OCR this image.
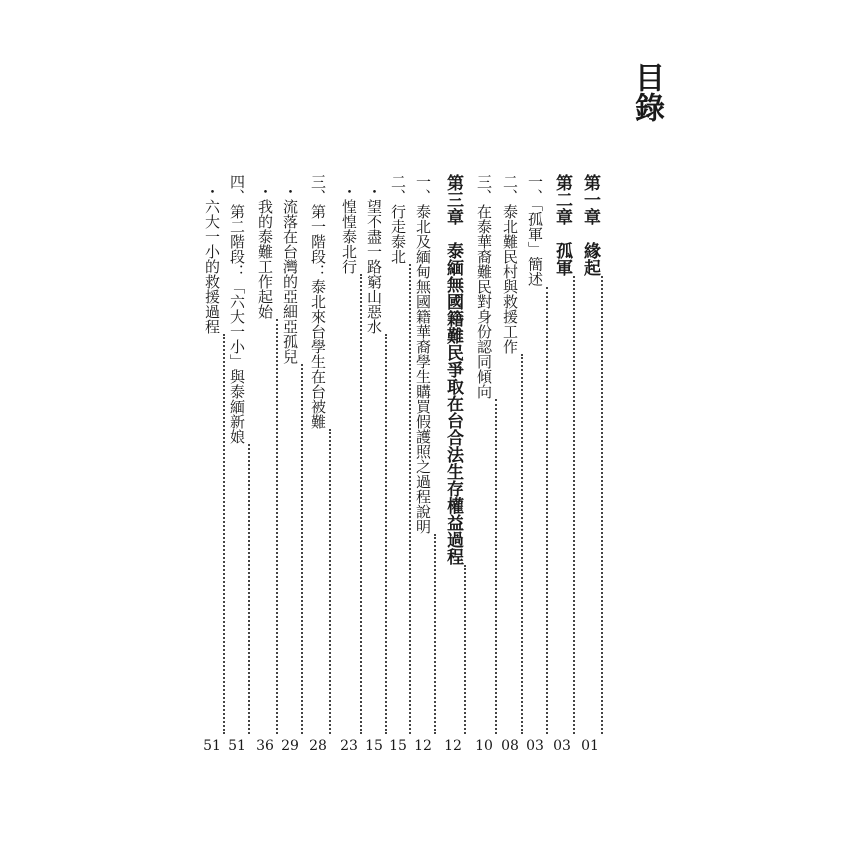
目錄
第一章　緣起
01
第二章　孤軍
03
一、「孤軍」簡述
03
二、泰北難民村與救援工作
08
三、在泰華裔難民對身份認同傾向
10
第三章　泰緬無國籍難民爭取在台合法生存權益過程
12
一、泰北及緬甸無國籍華裔學生購買假護照之過程說明
12
二、行走泰北
15
・望不盡一路窮山惡水
15
・惶惶泰北行
23
三、第一階段：泰北來台學生在台被難
28
・流落在台灣的亞細亞孤兒
29
・我的泰難工作起始
36
四、第二階段：「六大一小」與泰緬新娘
51
・六大一小的救援過程
51
